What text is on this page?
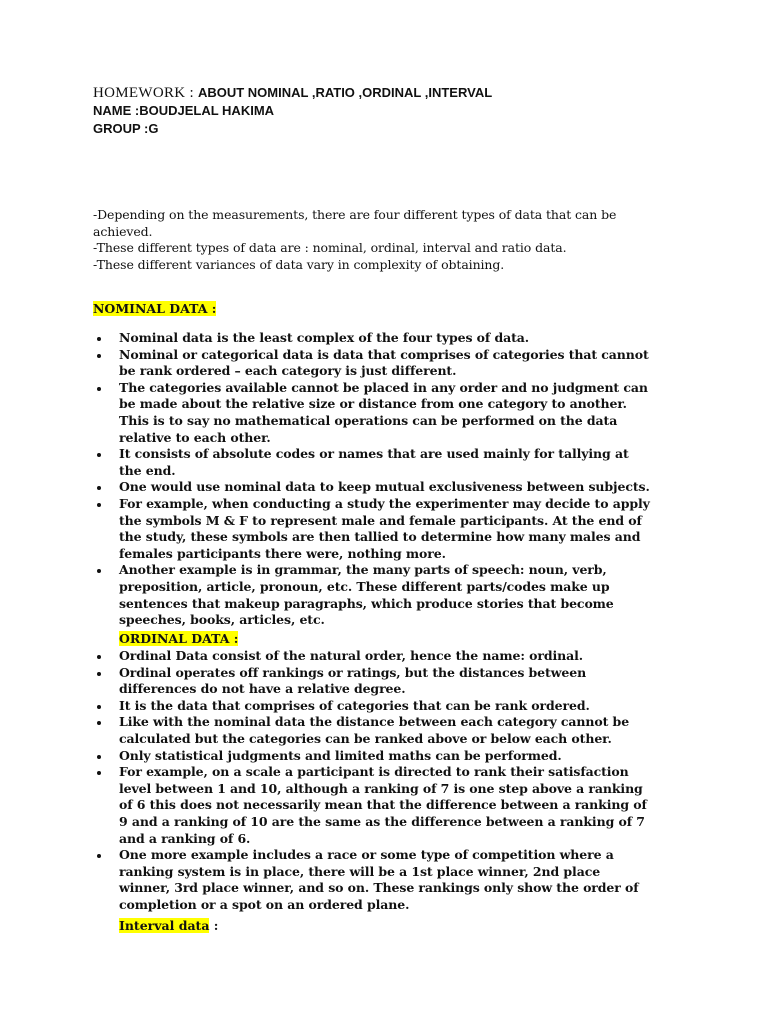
HOMEWORK : ABOUT NOMINAL ,RATIO ,ORDINAL ,INTERVAL
NAME :BOUDJELAL HAKIMA
GROUP :G

-Depending on the measurements, there are four different types of data that can be achieved.

-These different types of data are : nominal, ordinal, interval and ratio data.

-These different variances of data vary in complexity of obtaining.

NOMINAL DATA :
Nominal data is the least complex of the four types of data.
Nominal or categorical data is data that comprises of categories that cannot be rank ordered – each category is just different.
The categories available cannot be placed in any order and no judgment can be made about the relative size or distance from one category to another. This is to say no mathematical operations can be performed on the data relative to each other.
It consists of absolute codes or names that are used mainly for tallying at the end.
One would use nominal data to keep mutual exclusiveness between subjects.
For example, when conducting a study the experimenter may decide to apply the symbols M & F to represent male and female participants. At the end of the study, these symbols are then tallied to determine how many males and females participants there were, nothing more.
Another example is in grammar, the many parts of speech: noun, verb, preposition, article, pronoun, etc. These different parts/codes make up sentences that makeup paragraphs, which produce stories that become speeches, books, articles, etc.
ORDINAL DATA :
Ordinal Data consist of the natural order, hence the name: ordinal.
Ordinal operates off rankings or ratings, but the distances between differences do not have a relative degree.
It is the data that comprises of categories that can be rank ordered.
Like with the nominal data the distance between each category cannot be calculated but the categories can be ranked above or below each other.
Only statistical judgments and limited maths can be performed.
For example, on a scale a participant is directed to rank their satisfaction level between 1 and 10, although a ranking of 7 is one step above a ranking of 6 this does not necessarily mean that the difference between a ranking of 9 and a ranking of 10 are the same as the difference between a ranking of 7 and a ranking of 6.
One more example includes a race or some type of competition where a ranking system is in place, there will be a 1st place winner, 2nd place winner, 3rd place winner, and so on. These rankings only show the order of completion or a spot on an ordered plane.
Interval data :
